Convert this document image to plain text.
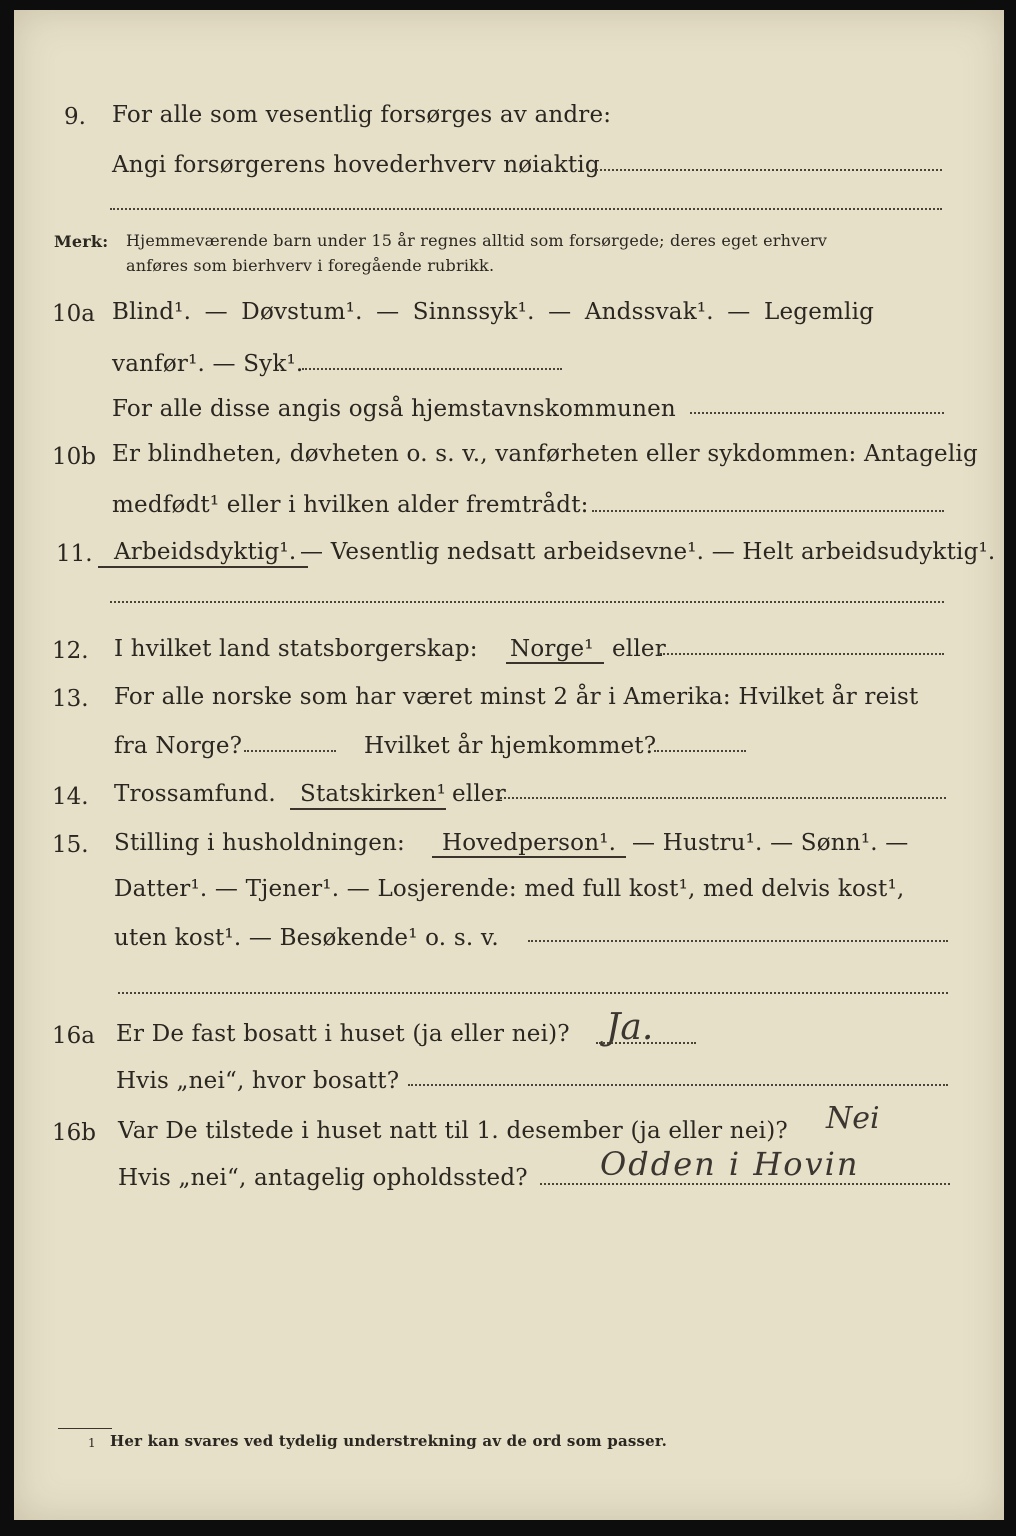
9. For alle som vesentlig forsørges av andre:
Angi forsørgerens hovederhverv nøiaktig
Merk: Hjemmeværende barn under 15 år regnes alltid som forsørgede; deres eget erhverv
anføres som bierhverv i foregående rubrikk.
10a Blind¹. — Døvstum¹. — Sinnssyk¹. — Andssvak¹. — Legemlig
vanfør¹. — Syk¹.
For alle disse angis også hjemstavnskommunen
10b Er blindheten, døvheten o. s. v., vanførheten eller sykdommen: Antagelig
medfødt¹ eller i hvilken alder fremtrådt:
11. Arbeidsdyktig¹. — Vesentlig nedsatt arbeidsevne¹. — Helt arbeidsudyktig¹.
12. I hvilket land statsborgerskap: Norge¹ eller
13. For alle norske som har været minst 2 år i Amerika: Hvilket år reist
fra Norge?	Hvilket år hjemkommet?
14. Trossamfund. Statskirken¹ eller
15. Stilling i husholdningen: Hovedperson¹. — Hustru¹. — Sønn¹. —
Datter¹. — Tjener¹. — Losjerende: med full kost¹, med delvis kost¹,
uten kost¹. — Besøkende¹ o. s. v.
16a Er De fast bosatt i huset (ja eller nei)? Ja.
Hvis „nei“, hvor bosatt?
16b Var De tilstede i huset natt til 1. desember (ja eller nei)? Nei
Hvis „nei“, antagelig opholdssted? Odden i Hovin
1 Her kan svares ved tydelig understrekning av de ord som passer.
